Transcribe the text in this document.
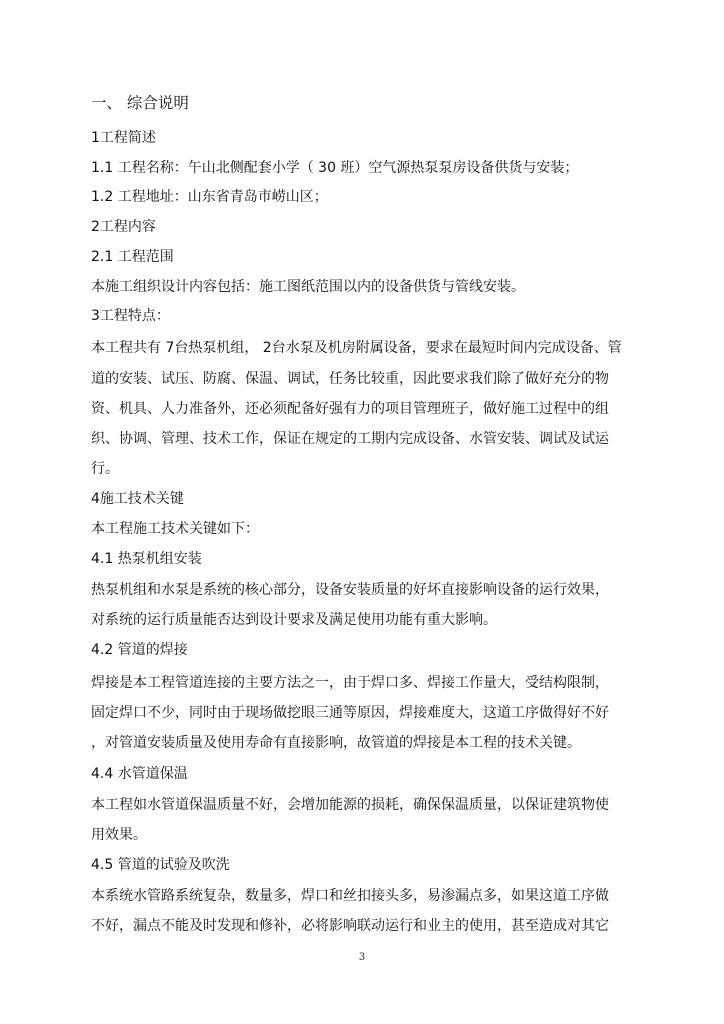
一、 综合说明
1工程简述
1.1 工程名称：午山北侧配套小学（ 30 班）空气源热泵泵房设备供货与安装；
1.2 工程地址：山东省青岛市崂山区；
2工程内容
2.1 工程范围
本施工组织设计内容包括：施工图纸范围以内的设备供货与管线安装。
3工程特点：
本工程共有 7台热泵机组， 2台水泵及机房附属设备，要求在最短时间内完成设备、管
道的安装、试压、防腐、保温、调试，任务比较重，因此要求我们除了做好充分的物
资、机具、人力准备外，还必须配备好强有力的项目管理班子，做好施工过程中的组
织、协调、管理、技术工作，保证在规定的工期内完成设备、水管安装、调试及试运
行。
4施工技术关键
本工程施工技术关键如下：
4.1 热泵机组安装
热泵机组和水泵是系统的核心部分，设备安装质量的好坏直接影响设备的运行效果，
对系统的运行质量能否达到设计要求及满足使用功能有重大影响。
4.2 管道的焊接
焊接是本工程管道连接的主要方法之一，由于焊口多、焊接工作量大，受结构限制，
固定焊口不少，同时由于现场做挖眼三通等原因，焊接难度大，这道工序做得好不好
，对管道安装质量及使用寿命有直接影响，故管道的焊接是本工程的技术关键。
4.4 水管道保温
本工程如水管道保温质量不好，会增加能源的损耗，确保保温质量，以保证建筑物使
用效果。
4.5 管道的试验及吹洗
本系统水管路系统复杂，数量多，焊口和丝扣接头多，易渗漏点多，如果这道工序做
不好，漏点不能及时发现和修补，必将影响联动运行和业主的使用，甚至造成对其它
3
